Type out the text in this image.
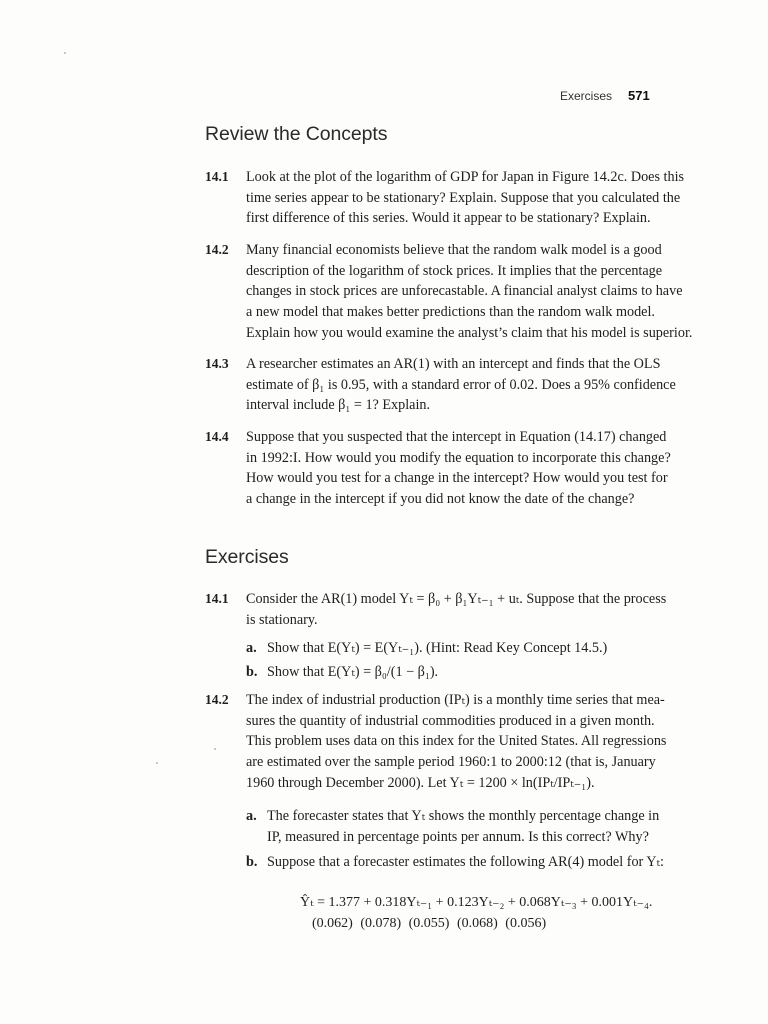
Exercises 571
Review the Concepts
14.1 Look at the plot of the logarithm of GDP for Japan in Figure 14.2c. Does this

time series appear to be stationary? Explain. Suppose that you calculated the

first difference of this series. Would it appear to be stationary? Explain.

14.2 Many financial economists believe that the random walk model is a good

description of the logarithm of stock prices. It implies that the percentage

changes in stock prices are unforecastable. A financial analyst claims to have

a new model that makes better predictions than the random walk model.

Explain how you would examine the analyst’s claim that his model is superior.

14.3 A researcher estimates an AR(1) with an intercept and finds that the OLS

estimate of β₁ is 0.95, with a standard error of 0.02. Does a 95% confidence

interval include β₁ = 1? Explain.

14.4 Suppose that you suspected that the intercept in Equation (14.17) changed

in 1992:I. How would you modify the equation to incorporate this change?

How would you test for a change in the intercept? How would you test for

a change in the intercept if you did not know the date of the change?

Exercises
14.1 Consider the AR(1) model Yₜ = β₀ + β₁Yₜ₋₁ + uₜ. Suppose that the process

is stationary.

a. Show that E(Yₜ) = E(Yₜ₋₁). (Hint: Read Key Concept 14.5.)

b. Show that E(Yₜ) = β₀/(1 − β₁).

14.2 The index of industrial production (IPₜ) is a monthly time series that mea-

sures the quantity of industrial commodities produced in a given month.

This problem uses data on this index for the United States. All regressions

are estimated over the sample period 1960:1 to 2000:12 (that is, January

1960 through December 2000). Let Yₜ = 1200 × ln(IPₜ/IPₜ₋₁).

a. The forecaster states that Yₜ shows the monthly percentage change in

IP, measured in percentage points per annum. Is this correct? Why?

b. Suppose that a forecaster estimates the following AR(4) model for Yₜ:

Ŷₜ = 1.377 + 0.318Yₜ₋₁ + 0.123Yₜ₋₂ + 0.068Yₜ₋₃ + 0.001Yₜ₋₄.
(0.062) (0.078) (0.055) (0.068) (0.056)
